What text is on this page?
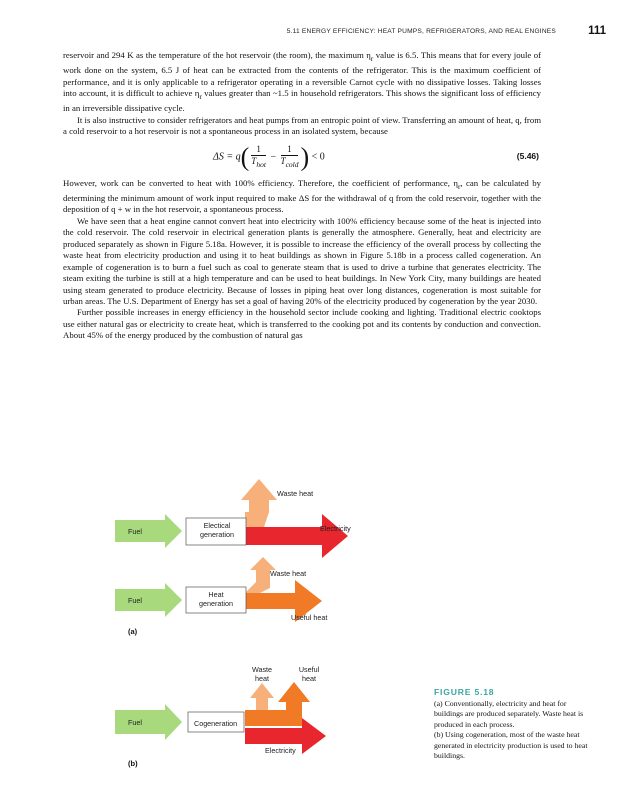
5.11 ENERGY EFFICIENCY: HEAT PUMPS, REFRIGERATORS, AND REAL ENGINES	111

reservoir and 294 K as the temperature of the hot reservoir (the room), the maximum $\eta_r$ value is 6.5. This means that for every joule of work done on the system, 6.5 J of heat can be extracted from the contents of the refrigerator. This is the maximum coefficient of performance, and it is only applicable to a refrigerator operating in a reversible Carnot cycle with no dissipative losses. Taking losses into account, it is difficult to achieve $\eta_r$ values greater than ~1.5 in household refrigerators. This shows the significant loss of efficiency in an irreversible dissipative cycle.

It is also instructive to consider refrigerators and heat pumps from an entropic point of view. Transferring an amount of heat, q, from a cold reservoir to a hot reservoir is not a spontaneous process in an isolated system, because

$\Delta S = q( \frac{1}{T_{hot}} - \frac{1}{T_{cold}}$ ) < 0	(5.46)

However, work can be converted to heat with 100% efficiency. Therefore, the coefficient of performance, $\eta_r$, can be calculated by determining the minimum amount of work input required to make ΔS for the withdrawal of q from the cold reservoir, together with the deposition of q + w in the hot reservoir, a spontaneous process.

We have seen that a heat engine cannot convert heat into electricity with 100% efficiency because some of the heat is injected into the cold reservoir. The cold reservoir in electrical generation plants is generally the atmosphere. Generally, heat and electricity are produced separately as shown in Figure 5.18a. However, it is possible to increase the efficiency of the overall process by collecting the waste heat from electricity production and using it to heat buildings as shown in Figure 5.18b in a process called cogeneration. An example of cogeneration is to burn a fuel such as coal to generate steam that is used to drive a turbine that generates electricity. The steam exiting the turbine is still at a high temperature and can be used to heat buildings. In New York City, many buildings are heated using steam generated to produce electricity. Because of losses in piping heat over long distances, cogeneration is most suitable for urban areas. The U.S. Department of Energy has set a goal of having 20% of the electricity produced by cogeneration by the year 2030.

Further possible increases in energy efficiency in the household sector include cooking and lighting. Traditional electric cooktops use either natural gas or electricity to create heat, which is transferred to the cooking pot and its contents by conduction and convection. About 45% of the energy produced by the combustion of natural gas

Fuel
Electical generation
Waste heat
Electricity
Fuel
Heat generation
Waste heat
Useful heat
(a)
Fuel	Cogeneration
Waste heat
Useful heat
Electricity
(b)
FIGURE 5.18
(a) Conventionally, electricity and heat for buildings are produced separately. Waste heat is produced in each process.
(b) Using cogeneration, most of the waste heat generated in electricity production is used to heat buildings.
